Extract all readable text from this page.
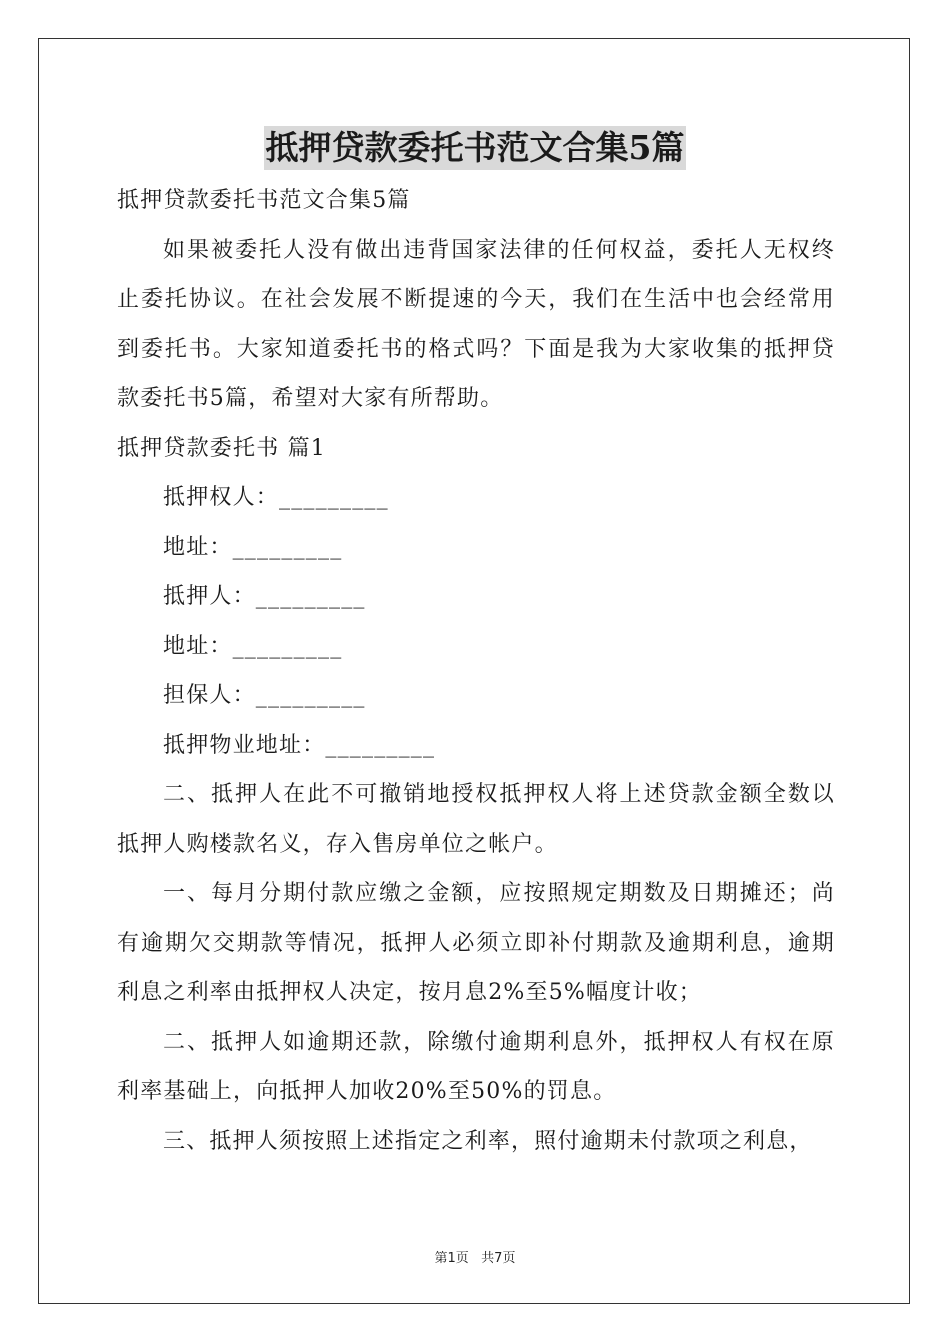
抵押贷款委托书范文合集5篇
抵押贷款委托书范文合集5篇

如果被委托人没有做出违背国家法律的任何权益，委托人无权终止委托协议。在社会发展不断提速的今天，我们在生活中也会经常用到委托书。大家知道委托书的格式吗？下面是我为大家收集的抵押贷款委托书5篇，希望对大家有所帮助。

抵押贷款委托书 篇1
抵押权人：_________
地址：_________
抵押人：_________
地址：_________
担保人：_________
抵押物业地址：_________

二、抵押人在此不可撤销地授权抵押权人将上述贷款金额全数以抵押人购楼款名义，存入售房单位之帐户。

一、每月分期付款应缴之金额，应按照规定期数及日期摊还；尚有逾期欠交期款等情况，抵押人必须立即补付期款及逾期利息，逾期利息之利率由抵押权人决定，按月息2%至5%幅度计收；

二、抵押人如逾期还款，除缴付逾期利息外，抵押权人有权在原利率基础上，向抵押人加收20%至50%的罚息。

三、抵押人须按照上述指定之利率，照付逾期未付款项之利息，

第1页   共7页
